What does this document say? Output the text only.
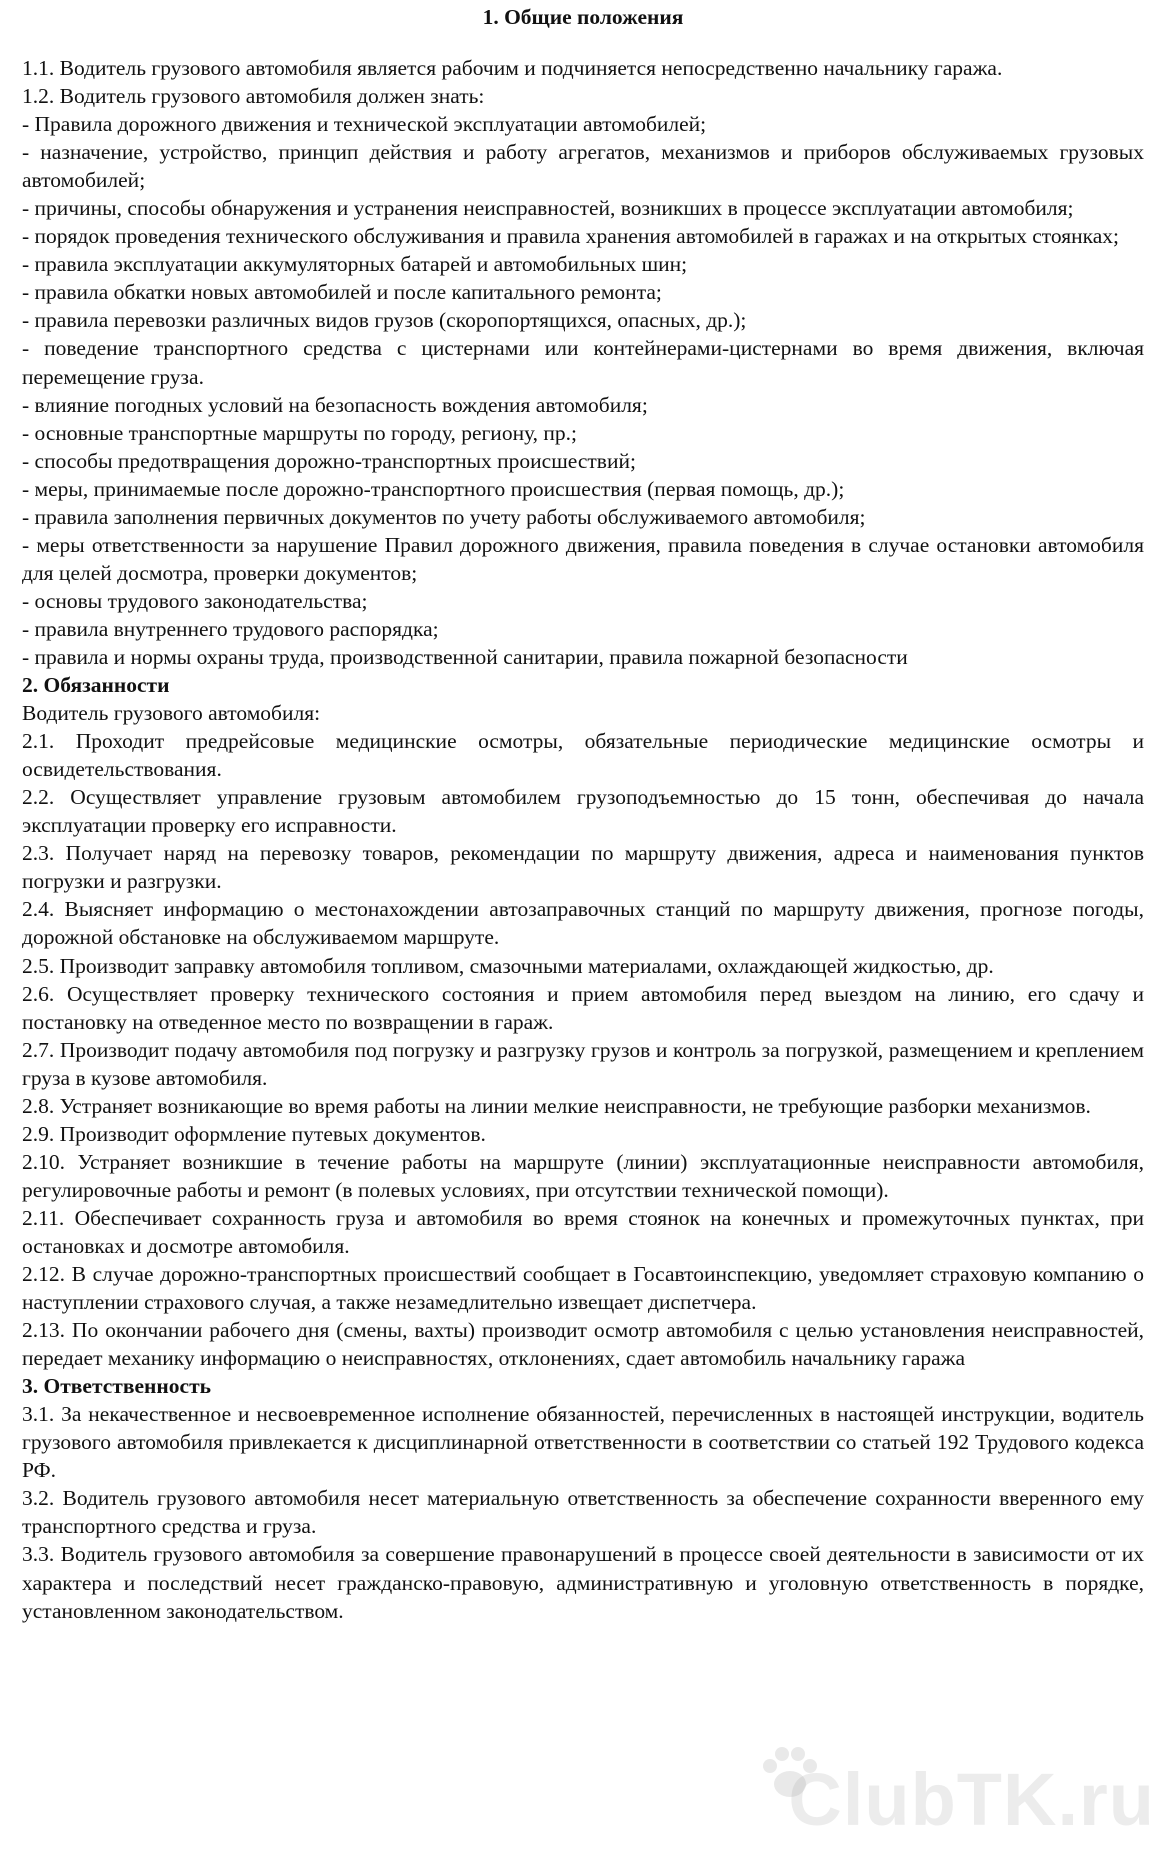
1. Общие положения

1.1. Водитель грузового автомобиля является рабочим и подчиняется непосредственно начальнику гаража.

1.2. Водитель грузового автомобиля должен знать:

- Правила дорожного движения и технической эксплуатации автомобилей;

- назначение, устройство, принцип действия и работу агрегатов, механизмов и приборов обслуживаемых грузовых автомобилей;

- причины, способы обнаружения и устранения неисправностей, возникших в процессе эксплуатации автомобиля;

- порядок проведения технического обслуживания и правила хранения автомобилей в гаражах и на открытых стоянках;

- правила эксплуатации аккумуляторных батарей и автомобильных шин;

- правила обкатки новых автомобилей и после капитального ремонта;

- правила перевозки различных видов грузов (скоропортящихся, опасных, др.);

- поведение транспортного средства с цистернами или контейнерами-цистернами во время движения, включая перемещение груза.

- влияние погодных условий на безопасность вождения автомобиля;

- основные транспортные маршруты по городу, региону, пр.;

- способы предотвращения дорожно-транспортных происшествий;

- меры, принимаемые после дорожно-транспортного происшествия (первая помощь, др.);

- правила заполнения первичных документов по учету работы обслуживаемого автомобиля;

- меры ответственности за нарушение Правил дорожного движения, правила поведения в случае остановки автомобиля для целей досмотра, проверки документов;

- основы трудового законодательства;

- правила внутреннего трудового распорядка;

- правила и нормы охраны труда, производственной санитарии, правила пожарной безопасности

2. Обязанности

Водитель грузового автомобиля:

2.1. Проходит предрейсовые медицинские осмотры, обязательные периодические медицинские осмотры и освидетельствования.

2.2. Осуществляет управление грузовым автомобилем грузоподъемностью до 15 тонн, обеспечивая до начала эксплуатации проверку его исправности.

2.3. Получает наряд на перевозку товаров, рекомендации по маршруту движения, адреса и наименования пунктов погрузки и разгрузки.

2.4. Выясняет информацию о местонахождении автозаправочных станций по маршруту движения, прогнозе погоды, дорожной обстановке на обслуживаемом маршруте.

2.5. Производит заправку автомобиля топливом, смазочными материалами, охлаждающей жидкостью, др.

2.6. Осуществляет проверку технического состояния и прием автомобиля перед выездом на линию, его сдачу и постановку на отведенное место по возвращении в гараж.

2.7. Производит подачу автомобиля под погрузку и разгрузку грузов и контроль за погрузкой, размещением и креплением груза в кузове автомобиля.

2.8. Устраняет возникающие во время работы на линии мелкие неисправности, не требующие разборки механизмов.

2.9. Производит оформление путевых документов.

2.10. Устраняет возникшие в течение работы на маршруте (линии) эксплуатационные неисправности автомобиля, регулировочные работы и ремонт (в полевых условиях, при отсутствии технической помощи).

2.11. Обеспечивает сохранность груза и автомобиля во время стоянок на конечных и промежуточных пунктах, при остановках и досмотре автомобиля.

2.12. В случае дорожно-транспортных происшествий сообщает в Госавтоинспекцию, уведомляет страховую компанию о наступлении страхового случая, а также незамедлительно извещает диспетчера.

2.13. По окончании рабочего дня (смены, вахты) производит осмотр автомобиля с целью установления неисправностей, передает механику информацию о неисправностях, отклонениях, сдает автомобиль начальнику гаража

3. Ответственность

3.1. За некачественное и несвоевременное исполнение обязанностей, перечисленных в настоящей инструкции, водитель грузового автомобиля привлекается к дисциплинарной ответственности в соответствии со статьей 192 Трудового кодекса РФ.

3.2. Водитель грузового автомобиля несет материальную ответственность за обеспечение сохранности вверенного ему транспортного средства и груза.

3.3. Водитель грузового автомобиля за совершение правонарушений в процессе своей деятельности в зависимости от их характера и последствий несет гражданско-правовую, административную и уголовную ответственность в порядке, установленном законодательством.

ClubTK.ru
